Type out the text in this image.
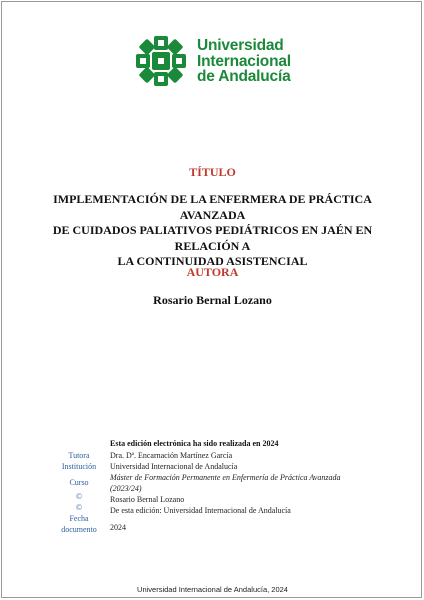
Universidad
Internacional
de Andalucía
TÍTULO
IMPLEMENTACIÓN DE LA ENFERMERA DE PRÁCTICA AVANZADA
DE CUIDADOS PALIATIVOS PEDIÁTRICOS EN JAÉN EN RELACIÓN A
LA CONTINUIDAD ASISTENCIAL
AUTORA
Rosario Bernal Lozano
Esta edición electrónica ha sido realizada en 2024
Tutora
Institución
Curso
©
©
Fecha
documento
Dra. Dª. Encarnación Martínez García
Universidad Internacional de Andalucía
Máster de Formación Permanente en Enfermería de Práctica Avanzada
(2023/24)
Rosario Bernal Lozano
De esta edición: Universidad Internacional de Andalucía
2024
Universidad Internacional de Andalucía, 2024
